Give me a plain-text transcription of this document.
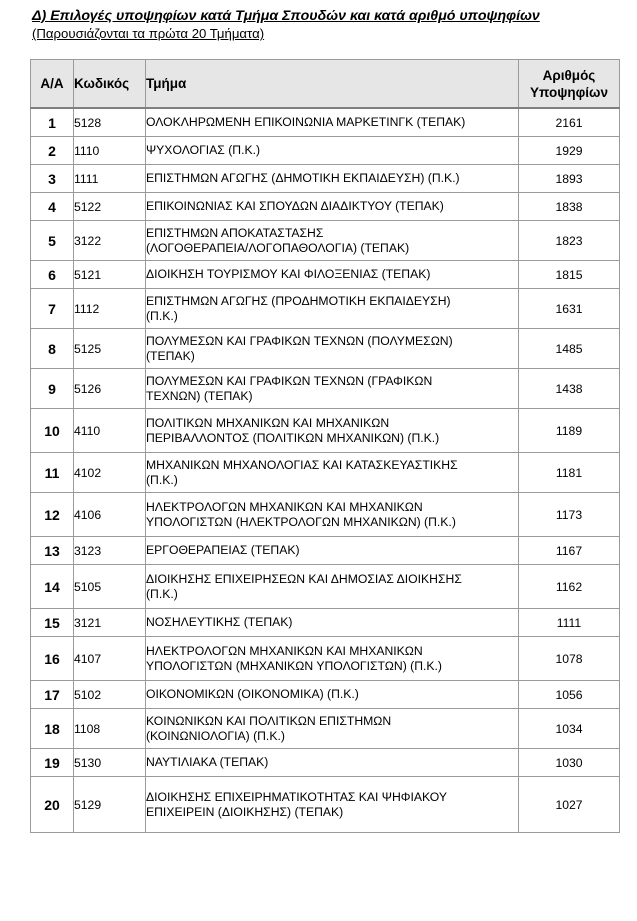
Δ) Επιλογές υποψηφίων κατά Τμήμα Σπουδών και κατά αριθμό υποψηφίων
(Παρουσιάζονται τα πρώτα 20 Τμήματα)
Α/Α	Κωδικός	Τμήμα	Αριθμός
Υποψηφίων
1	5128	ΟΛΟΚΛΗΡΩΜΕΝΗ ΕΠΙΚΟΙΝΩΝΙΑ ΜΑΡΚΕΤΙΝΓΚ (ΤΕΠΑΚ)	2161
2	1110	ΨΥΧΟΛΟΓΙΑΣ (Π.Κ.)	1929
3	1111	ΕΠΙΣΤΗΜΩΝ ΑΓΩΓΗΣ (ΔΗΜΟΤΙΚΗ ΕΚΠΑΙΔΕΥΣΗ) (Π.Κ.)	1893
4	5122	ΕΠΙΚΟΙΝΩΝΙΑΣ ΚΑΙ ΣΠΟΥΔΩΝ ΔΙΑΔΙΚΤΥΟΥ (ΤΕΠΑΚ)	1838
5	3122	ΕΠΙΣΤΗΜΩΝ ΑΠΟΚΑΤΑΣΤΑΣΗΣ
(ΛΟΓΟΘΕΡΑΠΕΙΑ/ΛΟΓΟΠΑΘΟΛΟΓΙΑ) (ΤΕΠΑΚ)	1823
6	5121	ΔΙΟΙΚΗΣΗ ΤΟΥΡΙΣΜΟΥ ΚΑΙ ΦΙΛΟΞΕΝΙΑΣ (ΤΕΠΑΚ)	1815
7	1112	ΕΠΙΣΤΗΜΩΝ ΑΓΩΓΗΣ (ΠΡΟΔΗΜΟΤΙΚΗ ΕΚΠΑΙΔΕΥΣΗ)
(Π.Κ.)	1631
8	5125	ΠΟΛΥΜΕΣΩΝ ΚΑΙ ΓΡΑΦΙΚΩΝ ΤΕΧΝΩΝ (ΠΟΛΥΜΕΣΩΝ)
(ΤΕΠΑΚ)	1485
9	5126	ΠΟΛΥΜΕΣΩΝ ΚΑΙ ΓΡΑΦΙΚΩΝ ΤΕΧΝΩΝ (ΓΡΑΦΙΚΩΝ
ΤΕΧΝΩΝ) (ΤΕΠΑΚ)	1438
10	4110	ΠΟΛΙΤΙΚΩΝ ΜΗΧΑΝΙΚΩΝ ΚΑΙ ΜΗΧΑΝΙΚΩΝ
ΠΕΡΙΒΑΛΛΟΝΤΟΣ (ΠΟΛΙΤΙΚΩΝ ΜΗΧΑΝΙΚΩΝ) (Π.Κ.)	1189
11	4102	ΜΗΧΑΝΙΚΩΝ ΜΗΧΑΝΟΛΟΓΙΑΣ ΚΑΙ ΚΑΤΑΣΚΕΥΑΣΤΙΚΗΣ
(Π.Κ.)	1181
12	4106	ΗΛΕΚΤΡΟΛΟΓΩΝ ΜΗΧΑΝΙΚΩΝ ΚΑΙ ΜΗΧΑΝΙΚΩΝ
ΥΠΟΛΟΓΙΣΤΩΝ (ΗΛΕΚΤΡΟΛΟΓΩΝ ΜΗΧΑΝΙΚΩΝ) (Π.Κ.)	1173
13	3123	ΕΡΓΟΘΕΡΑΠΕΙΑΣ (ΤΕΠΑΚ)	1167
14	5105	ΔΙΟΙΚΗΣΗΣ ΕΠΙΧΕΙΡΗΣΕΩΝ ΚΑΙ ΔΗΜΟΣΙΑΣ ΔΙΟΙΚΗΣΗΣ
(Π.Κ.)	1162
15	3121	ΝΟΣΗΛΕΥΤΙΚΗΣ (ΤΕΠΑΚ)	1111
16	4107	ΗΛΕΚΤΡΟΛΟΓΩΝ ΜΗΧΑΝΙΚΩΝ ΚΑΙ ΜΗΧΑΝΙΚΩΝ
ΥΠΟΛΟΓΙΣΤΩΝ (ΜΗΧΑΝΙΚΩΝ ΥΠΟΛΟΓΙΣΤΩΝ) (Π.Κ.)	1078
17	5102	ΟΙΚΟΝΟΜΙΚΩΝ (ΟΙΚΟΝΟΜΙΚΑ) (Π.Κ.)	1056
18	1108	ΚΟΙΝΩΝΙΚΩΝ ΚΑΙ ΠΟΛΙΤΙΚΩΝ ΕΠΙΣΤΗΜΩΝ
(ΚΟΙΝΩΝΙΟΛΟΓΙΑ) (Π.Κ.)	1034
19	5130	ΝΑΥΤΙΛΙΑΚΑ (ΤΕΠΑΚ)	1030
20	5129	ΔΙΟΙΚΗΣΗΣ ΕΠΙΧΕΙΡΗΜΑΤΙΚΟΤΗΤΑΣ ΚΑΙ ΨΗΦΙΑΚΟΥ
ΕΠΙΧΕΙΡΕΙΝ (ΔΙΟΙΚΗΣΗΣ) (ΤΕΠΑΚ)	1027
